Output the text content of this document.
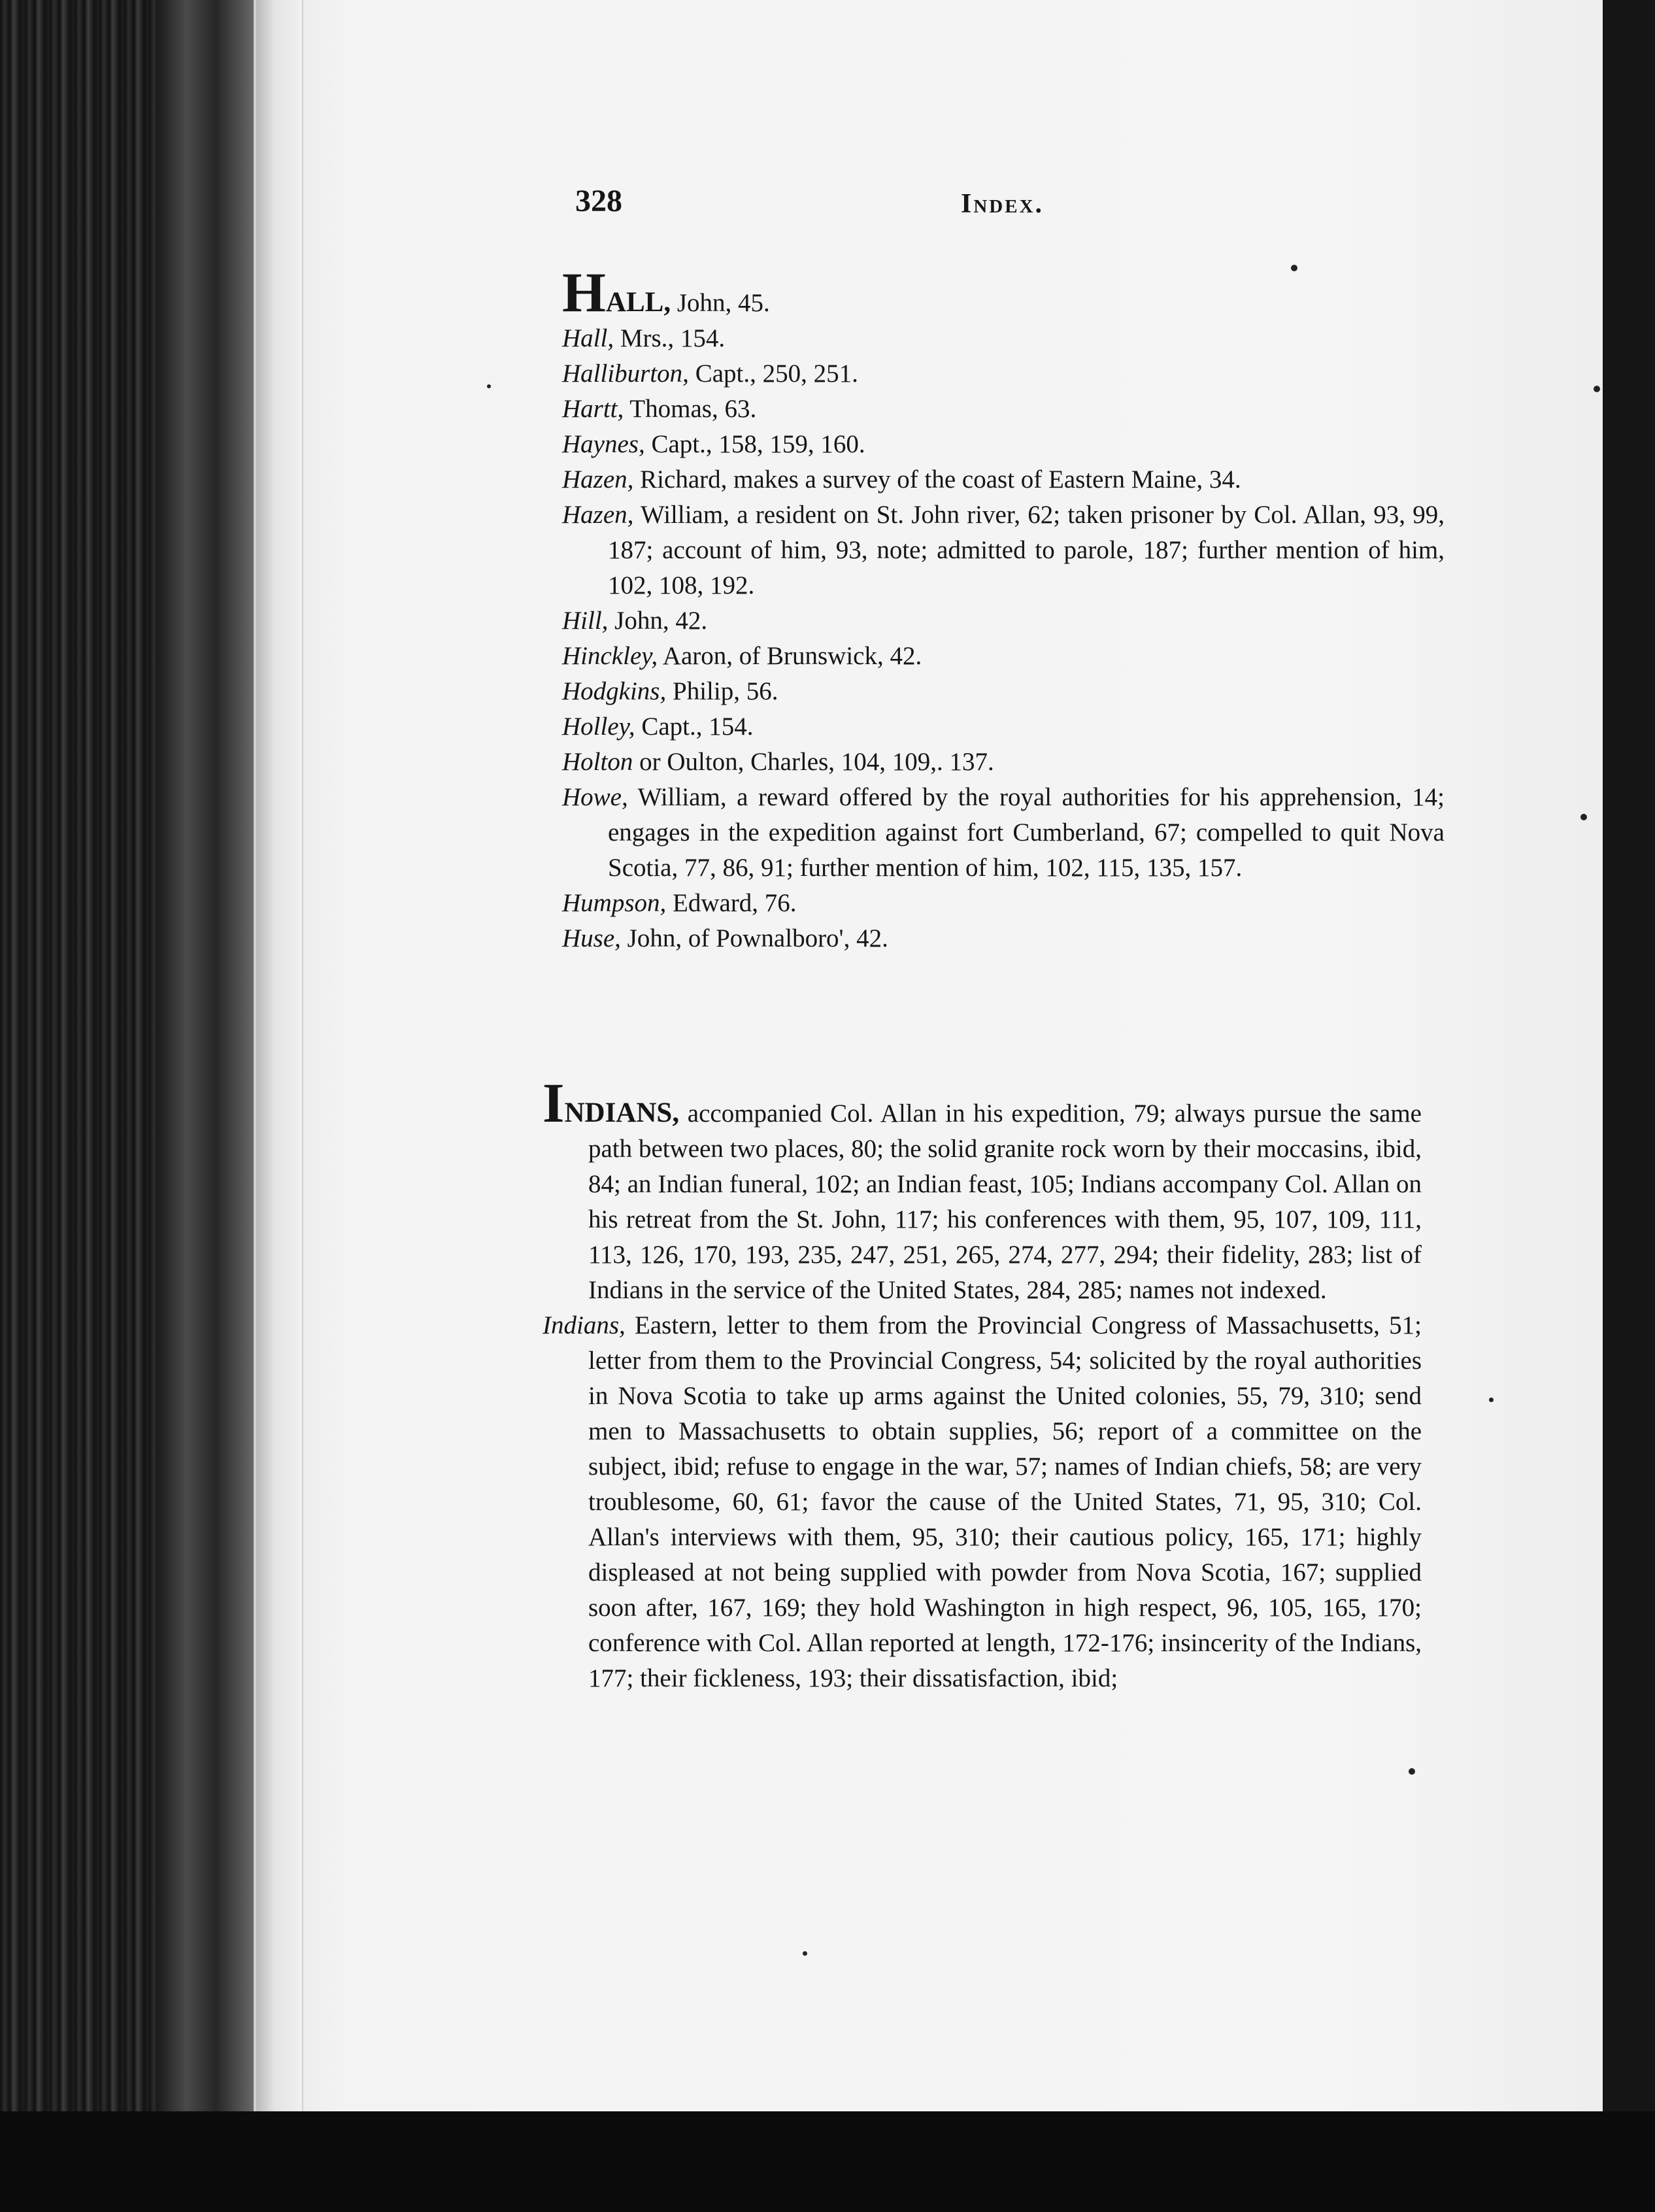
328	Index.

HALL, John, 45.

Hall, Mrs., 154.

Halliburton, Capt., 250, 251.

Hartt, Thomas, 63.

Haynes, Capt., 158, 159, 160.

Hazen, Richard, makes a survey of the coast of Eastern Maine, 34.

Hazen, William, a resident on St. John river, 62; taken prisoner by Col. Allan, 93, 99, 187; account of him, 93, note; admitted to parole, 187; further mention of him, 102, 108, 192.

Hill, John, 42.

Hinckley, Aaron, of Brunswick, 42.

Hodgkins, Philip, 56.

Holley, Capt., 154.

Holton or Oulton, Charles, 104, 109,. 137.

Howe, William, a reward offered by the royal authorities for his apprehension, 14; engages in the expedition against fort Cumberland, 67; compelled to quit Nova Scotia, 77, 86, 91; further mention of him, 102, 115, 135, 157.

Humpson, Edward, 76.

Huse, John, of Pownalboro', 42.

INDIANS, accompanied Col. Allan in his expedition, 79; always pursue the same path between two places, 80; the solid granite rock worn by their moccasins, ibid, 84; an Indian funeral, 102; an Indian feast, 105; Indians accompany Col. Allan on his retreat from the St. John, 117; his conferences with them, 95, 107, 109, 111, 113, 126, 170, 193, 235, 247, 251, 265, 274, 277, 294; their fidelity, 283; list of Indians in the service of the United States, 284, 285; names not indexed.

Indians, Eastern, letter to them from the Provincial Congress of Massachusetts, 51; letter from them to the Provincial Congress, 54; solicited by the royal authorities in Nova Scotia to take up arms against the United colonies, 55, 79, 310; send men to Massachusetts to obtain supplies, 56; report of a committee on the subject, ibid; refuse to engage in the war, 57; names of Indian chiefs, 58; are very troublesome, 60, 61; favor the cause of the United States, 71, 95, 310; Col. Allan's interviews with them, 95, 310; their cautious policy, 165, 171; highly displeased at not being supplied with powder from Nova Scotia, 167; supplied soon after, 167, 169; they hold Washington in high respect, 96, 105, 165, 170; conference with Col. Allan reported at length, 172-176; insincerity of the Indians, 177; their fickleness, 193; their dissatisfaction, ibid;
